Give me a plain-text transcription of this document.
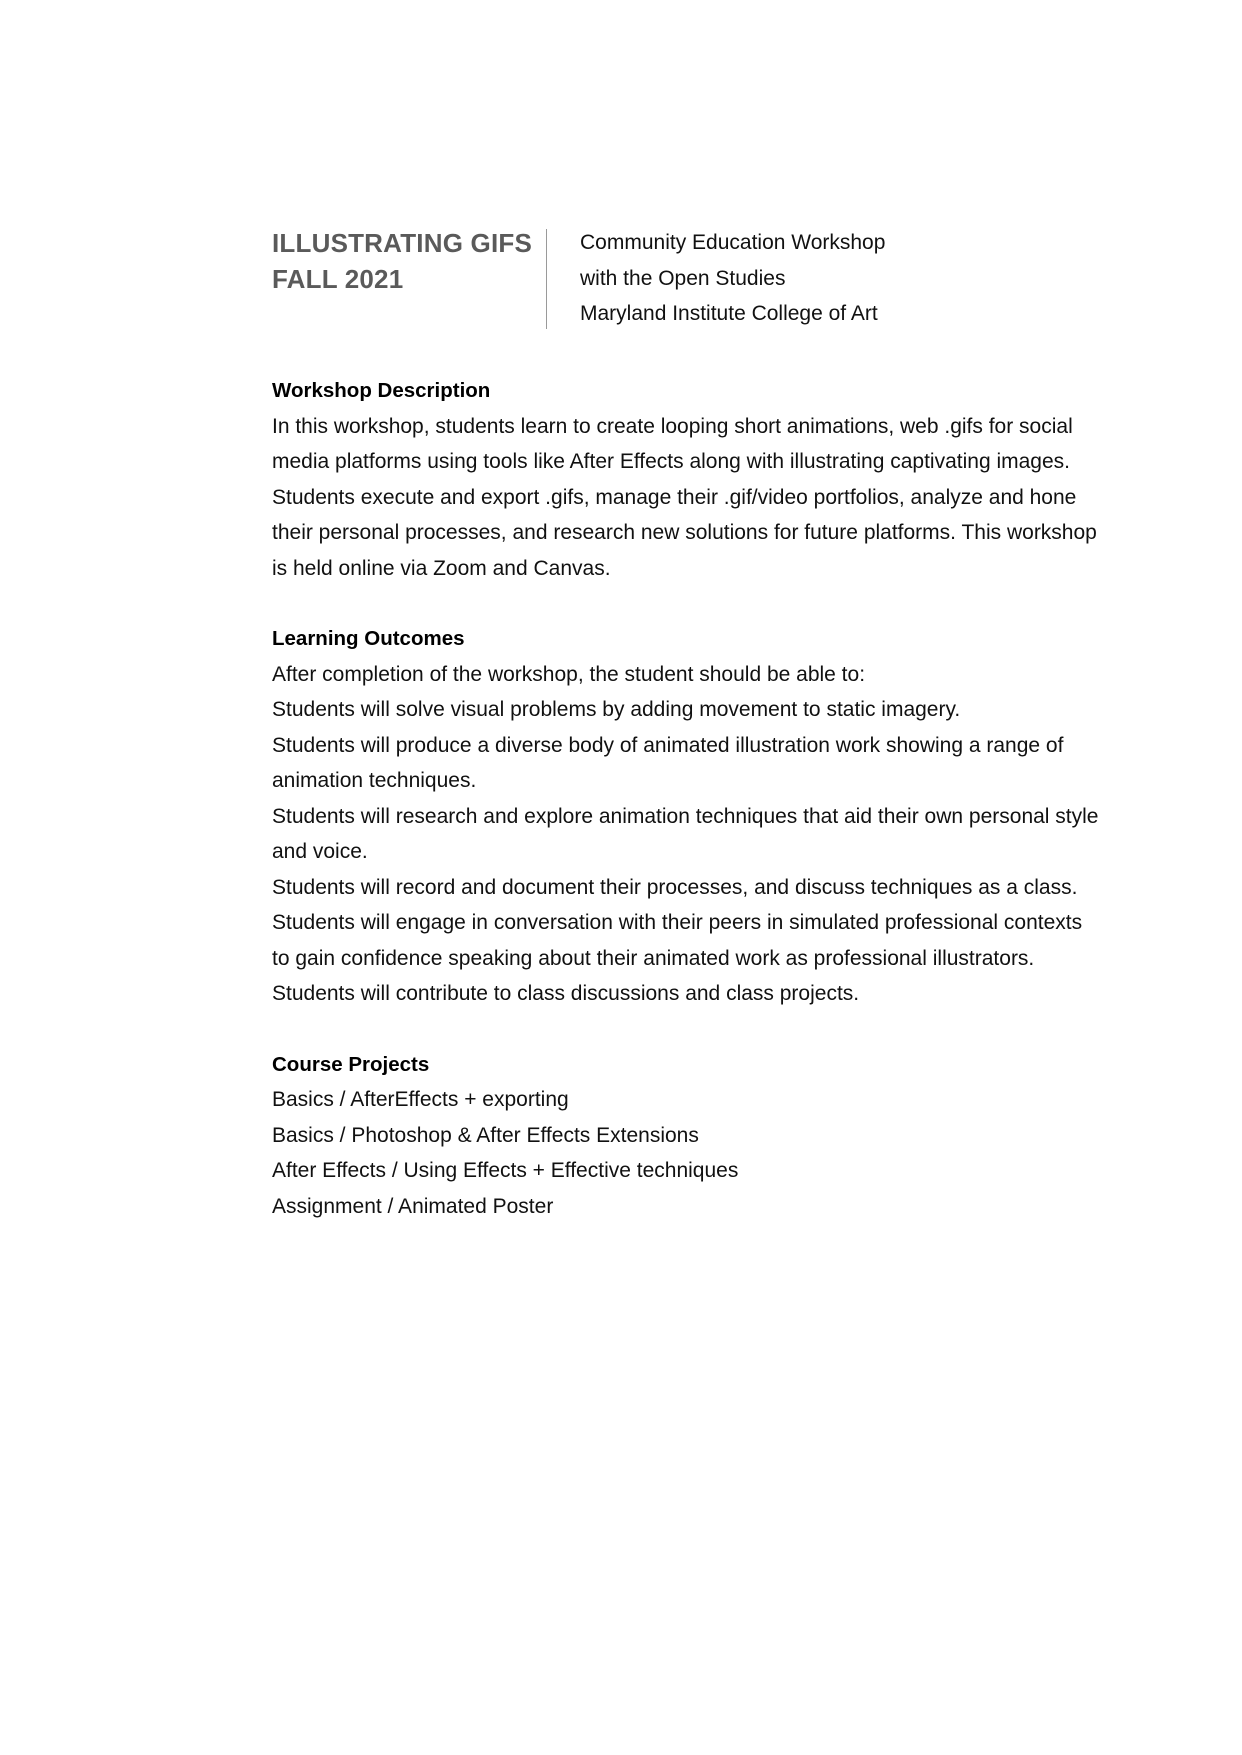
ILLUSTRATING GIFS
FALL 2021
Community Education Workshop
with the Open Studies
Maryland Institute College of Art

Workshop Description

In this workshop, students learn to create looping short animations, web .gifs for social media platforms using tools like After Effects along with illustrating captivating images. Students execute and export .gifs, manage their .gif/video portfolios, analyze and hone their personal processes, and research new solutions for future platforms. This workshop is held online via Zoom and Canvas.

Learning Outcomes

After completion of the workshop, the student should be able to:

Students will solve visual problems by adding movement to static imagery.

Students will produce a diverse body of animated illustration work showing a range of animation techniques.

Students will research and explore animation techniques that aid their own personal style and voice.

Students will record and document their processes, and discuss techniques as a class.

Students will engage in conversation with their peers in simulated professional contexts to gain confidence speaking about their animated work as professional illustrators.

Students will contribute to class discussions and class projects.

Course Projects

Basics / AfterEffects + exporting

Basics / Photoshop & After Effects Extensions

After Effects / Using Effects + Effective techniques

Assignment / Animated Poster
